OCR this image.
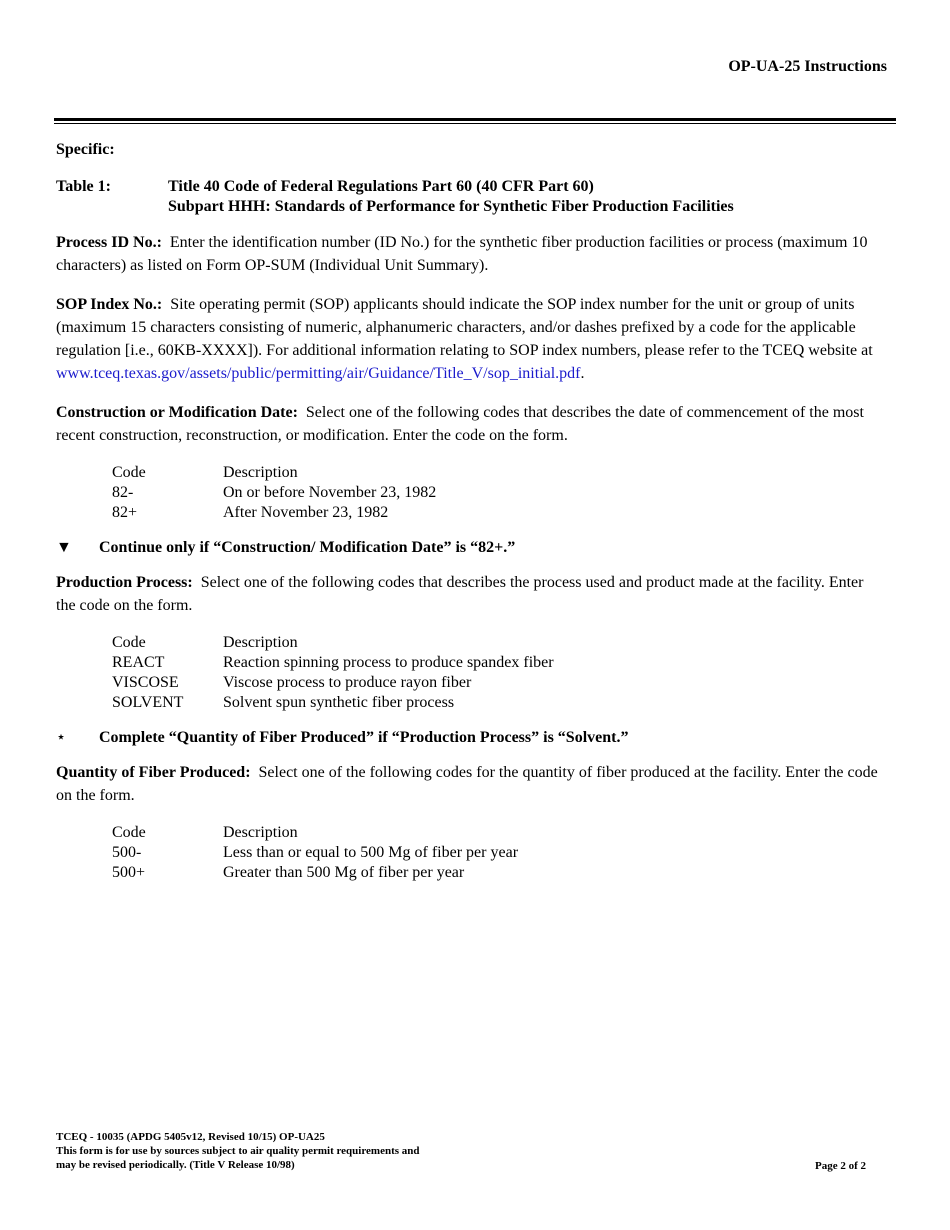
OP-UA-25 Instructions

Specific:

Table 1:	Title 40 Code of Federal Regulations Part 60 (40 CFR Part 60)
Subpart HHH: Standards of Performance for Synthetic Fiber Production Facilities

Process ID No.: Enter the identification number (ID No.) for the synthetic fiber production facilities or process (maximum 10 characters) as listed on Form OP-SUM (Individual Unit Summary).

SOP Index No.: Site operating permit (SOP) applicants should indicate the SOP index number for the unit or group of units (maximum 15 characters consisting of numeric, alphanumeric characters, and/or dashes prefixed by a code for the applicable regulation [i.e., 60KB-XXXX]). For additional information relating to SOP index numbers, please refer to the TCEQ website at www.tceq.texas.gov/assets/public/permitting/air/Guidance/Title_V/sop_initial.pdf.

Construction or Modification Date: Select one of the following codes that describes the date of commencement of the most recent construction, reconstruction, or modification. Enter the code on the form.

Code	Description
82-	On or before November 23, 1982
82+	After November 23, 1982
▼	Continue only if “Construction/ Modification Date” is “82+.”

Production Process: Select one of the following codes that describes the process used and product made at the facility. Enter the code on the form.

Code	Description
REACT	Reaction spinning process to produce spandex fiber
VISCOSE	Viscose process to produce rayon fiber
SOLVENT	Solvent spun synthetic fiber process
⋆	Complete “Quantity of Fiber Produced” if “Production Process” is “Solvent.”

Quantity of Fiber Produced: Select one of the following codes for the quantity of fiber produced at the facility. Enter the code on the form.

Code	Description
500-	Less than or equal to 500 Mg of fiber per year
500+	Greater than 500 Mg of fiber per year
TCEQ - 10035 (APDG 5405v12, Revised 10/15) OP-UA25
This form is for use by sources subject to air quality permit requirements and
may be revised periodically. (Title V Release 10/98)	Page 2 of 2
